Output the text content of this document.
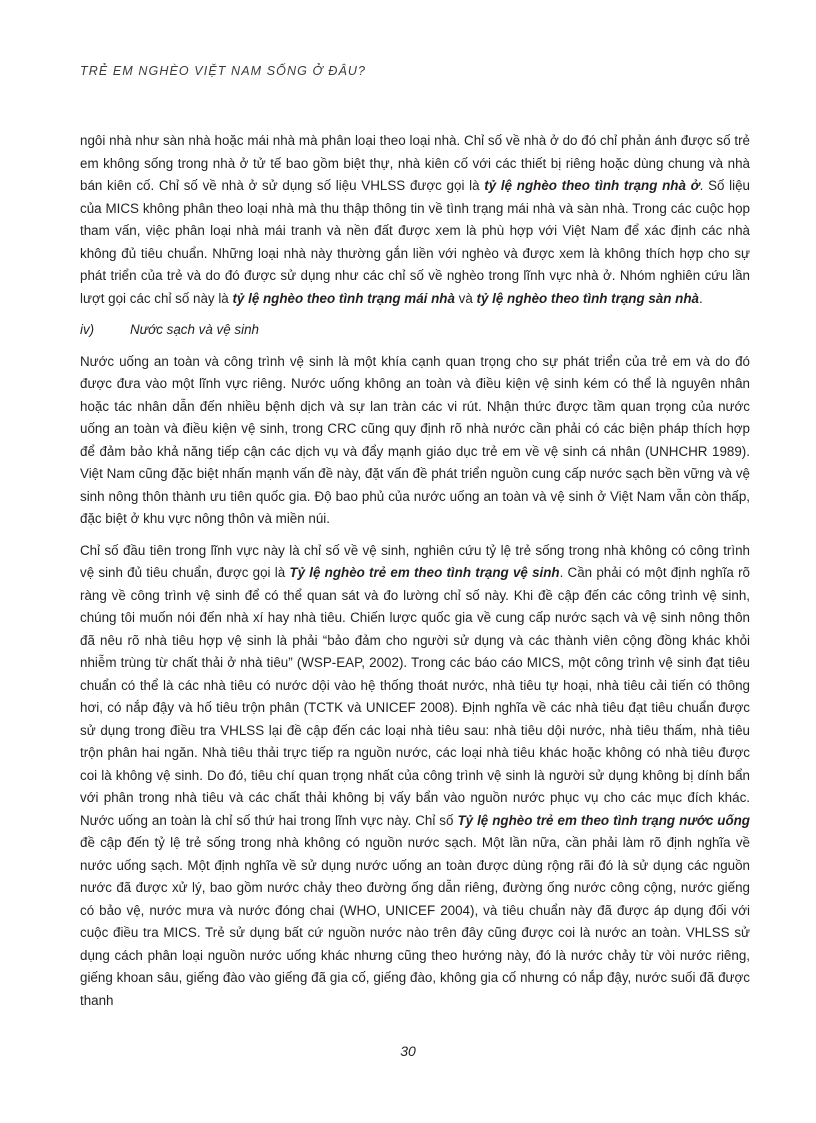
TRẺ EM NGHÈO VIỆT NAM SỐNG Ở ĐÂU?

ngôi nhà như sàn nhà hoặc mái nhà mà phân loại theo loại nhà. Chỉ số về nhà ở do đó chỉ phản ánh được số trẻ em không sống trong nhà ở tử tế bao gồm biệt thự, nhà kiên cố với các thiết bị riêng hoặc dùng chung và nhà bán kiên cố. Chỉ số về nhà ở sử dụng số liệu VHLSS được gọi là tỷ lệ nghèo theo tình trạng nhà ở. Số liệu của MICS không phân theo loại nhà mà thu thập thông tin về tình trạng mái nhà và sàn nhà. Trong các cuộc họp tham vấn, việc phân loại nhà mái tranh và nền đất được xem là phù hợp với Việt Nam để xác định các nhà không đủ tiêu chuẩn. Những loại nhà này thường gắn liền với nghèo và được xem là không thích hợp cho sự phát triển của trẻ và do đó được sử dụng như các chỉ số về nghèo trong lĩnh vực nhà ở. Nhóm nghiên cứu lần lượt gọi các chỉ số này là tỷ lệ nghèo theo tình trạng mái nhà và tỷ lệ nghèo theo tình trạng sàn nhà.

iv)	Nước sạch và vệ sinh

Nước uống an toàn và công trình vệ sinh là một khía cạnh quan trọng cho sự phát triển của trẻ em và do đó được đưa vào một lĩnh vực riêng. Nước uống không an toàn và điều kiện vệ sinh kém có thể là nguyên nhân hoặc tác nhân dẫn đến nhiều bệnh dịch và sự lan tràn các vi rút. Nhận thức được tầm quan trọng của nước uống an toàn và điều kiện vệ sinh, trong CRC cũng quy định rõ nhà nước cần phải có các biện pháp thích hợp để đảm bảo khả năng tiếp cận các dịch vụ và đẩy mạnh giáo dục trẻ em về vệ sinh cá nhân (UNHCHR 1989). Việt Nam cũng đặc biệt nhấn mạnh vấn đề này, đặt vấn đề phát triển nguồn cung cấp nước sạch bền vững và vệ sinh nông thôn thành ưu tiên quốc gia. Độ bao phủ của nước uống an toàn và vệ sinh ở Việt Nam vẫn còn thấp, đặc biệt ở khu vực nông thôn và miền núi.

Chỉ số đầu tiên trong lĩnh vực này là chỉ số về vệ sinh, nghiên cứu tỷ lệ trẻ sống trong nhà không có công trình vệ sinh đủ tiêu chuẩn, được gọi là Tỷ lệ nghèo trẻ em theo tình trạng vệ sinh. Cần phải có một định nghĩa rõ ràng về công trình vệ sinh để có thể quan sát và đo lường chỉ số này. Khi đề cập đến các công trình vệ sinh, chúng tôi muốn nói đến nhà xí hay nhà tiêu. Chiến lược quốc gia về cung cấp nước sạch và vệ sinh nông thôn đã nêu rõ nhà tiêu hợp vệ sinh là phải “bảo đảm cho người sử dụng và các thành viên cộng đồng khác khỏi nhiễm trùng từ chất thải ở nhà tiêu” (WSP-EAP, 2002). Trong các báo cáo MICS, một công trình vệ sinh đạt tiêu chuẩn có thể là các nhà tiêu có nước dội vào hệ thống thoát nước, nhà tiêu tự hoại, nhà tiêu cải tiến có thông hơi, có nắp đậy và hố tiêu trộn phân (TCTK và UNICEF 2008). Định nghĩa về các nhà tiêu đạt tiêu chuẩn được sử dụng trong điều tra VHLSS lại đề cập đến các loại nhà tiêu sau: nhà tiêu dội nước, nhà tiêu thấm, nhà tiêu trộn phân hai ngăn. Nhà tiêu thải trực tiếp ra nguồn nước, các loại nhà tiêu khác hoặc không có nhà tiêu được coi là không vệ sinh. Do đó, tiêu chí quan trọng nhất của công trình vệ sinh là người sử dụng không bị dính bẩn với phân trong nhà tiêu và các chất thải không bị vấy bẩn vào nguồn nước phục vụ cho các mục đích khác. Nước uống an toàn là chỉ số thứ hai trong lĩnh vực này. Chỉ số Tỷ lệ nghèo trẻ em theo tình trạng nước uống đề cập đến tỷ lệ trẻ sống trong nhà không có nguồn nước sạch. Một lần nữa, cần phải làm rõ định nghĩa về nước uống sạch. Một định nghĩa về sử dụng nước uống an toàn được dùng rộng rãi đó là sử dụng các nguồn nước đã được xử lý, bao gồm nước chảy theo đường ống dẫn riêng, đường ống nước công cộng, nước giếng có bảo vệ, nước mưa và nước đóng chai (WHO, UNICEF 2004), và tiêu chuẩn này đã được áp dụng đối với cuộc điều tra MICS. Trẻ sử dụng bất cứ nguồn nước nào trên đây cũng được coi là nước an toàn. VHLSS sử dụng cách phân loại nguồn nước uống khác nhưng cũng theo hướng này, đó là nước chảy từ vòi nước riêng, giếng khoan sâu, giếng đào vào giếng đã gia cố, giếng đào, không gia cố nhưng có nắp đậy, nước suối đã được thanh

30
